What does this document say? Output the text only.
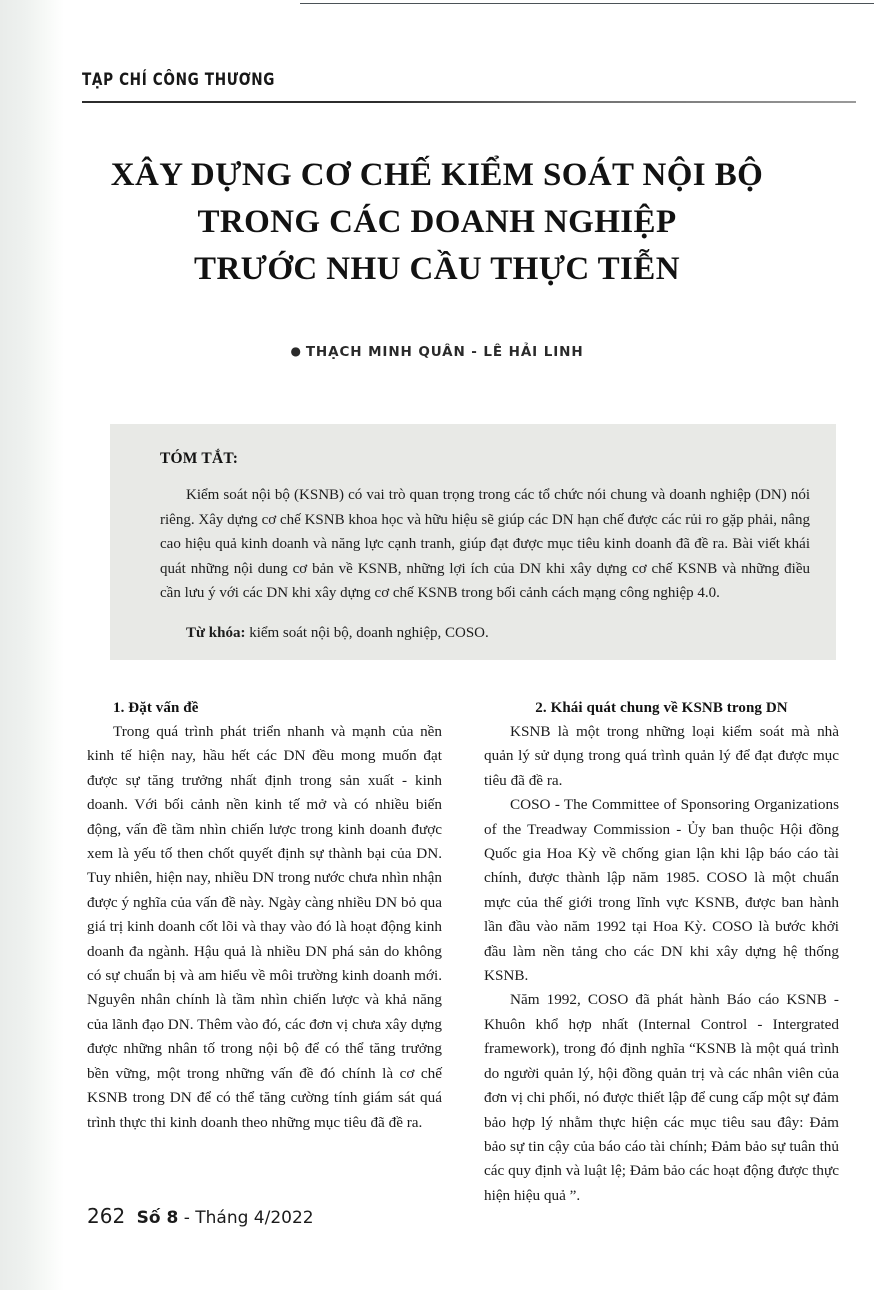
TẠP CHÍ CÔNG THƯƠNG
XÂY DỰNG CƠ CHẾ KIỂM SOÁT NỘI BỘ
TRONG CÁC DOANH NGHIỆP
TRƯỚC NHU CẦU THỰC TIỄN
● THẠCH MINH QUÂN - LÊ HẢI LINH
TÓM TẮT:

Kiểm soát nội bộ (KSNB) có vai trò quan trọng trong các tổ chức nói chung và doanh nghiệp (DN) nói riêng. Xây dựng cơ chế KSNB khoa học và hữu hiệu sẽ giúp các DN hạn chế được các rủi ro gặp phải, nâng cao hiệu quả kinh doanh và năng lực cạnh tranh, giúp đạt được mục tiêu kinh doanh đã đề ra. Bài viết khái quát những nội dung cơ bản về KSNB, những lợi ích của DN khi xây dựng cơ chế KSNB và những điều cần lưu ý với các DN khi xây dựng cơ chế KSNB trong bối cảnh cách mạng công nghiệp 4.0.

Từ khóa: kiểm soát nội bộ, doanh nghiệp, COSO.

1. Đặt vấn đề

Trong quá trình phát triển nhanh và mạnh của nền kinh tế hiện nay, hầu hết các DN đều mong muốn đạt được sự tăng trưởng nhất định trong sản xuất - kinh doanh. Với bối cảnh nền kinh tế mở và có nhiều biến động, vấn đề tầm nhìn chiến lược trong kinh doanh được xem là yếu tố then chốt quyết định sự thành bại của DN. Tuy nhiên, hiện nay, nhiều DN trong nước chưa nhìn nhận được ý nghĩa của vấn đề này. Ngày càng nhiều DN bỏ qua giá trị kinh doanh cốt lõi và thay vào đó là hoạt động kinh doanh đa ngành. Hậu quả là nhiều DN phá sản do không có sự chuẩn bị và am hiểu về môi trường kinh doanh mới. Nguyên nhân chính là tầm nhìn chiến lược và khả năng của lãnh đạo DN. Thêm vào đó, các đơn vị chưa xây dựng được những nhân tố trong nội bộ để có thể tăng trưởng bền vững, một trong những vấn đề đó chính là cơ chế KSNB trong DN để có thể tăng cường tính giám sát quá trình thực thi kinh doanh theo những mục tiêu đã đề ra.

2. Khái quát chung về KSNB trong DN

KSNB là một trong những loại kiểm soát mà nhà quản lý sử dụng trong quá trình quản lý để đạt được mục tiêu đã đề ra.

COSO - The Committee of Sponsoring Organizations of the Treadway Commission - Ủy ban thuộc Hội đồng Quốc gia Hoa Kỳ về chống gian lận khi lập báo cáo tài chính, được thành lập năm 1985. COSO là một chuẩn mực của thế giới trong lĩnh vực KSNB, được ban hành lần đầu vào năm 1992 tại Hoa Kỳ. COSO là bước khởi đầu làm nền tảng cho các DN khi xây dựng hệ thống KSNB.

Năm 1992, COSO đã phát hành Báo cáo KSNB - Khuôn khổ hợp nhất (Internal Control - Intergrated framework), trong đó định nghĩa “KSNB là một quá trình do người quản lý, hội đồng quản trị và các nhân viên của đơn vị chi phối, nó được thiết lập để cung cấp một sự đảm bảo hợp lý nhằm thực hiện các mục tiêu sau đây: Đảm bảo sự tin cậy của báo cáo tài chính; Đảm bảo sự tuân thủ các quy định và luật lệ; Đảm bảo các hoạt động được thực hiện hiệu quả ”.

262 Số 8 - Tháng 4/2022
